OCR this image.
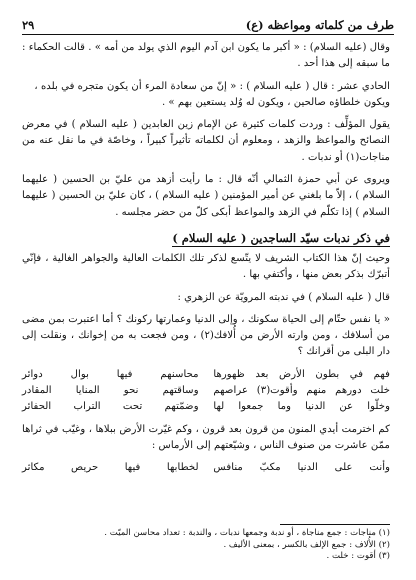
طرف من كلماته ومواعظه (ع)
٢٩

وقال (عليه السلام) : « أكبر ما يكون ابن آدم اليوم الذي يولد من أمه » . قالت الحكماء : ما سبقه إلى هذا أحد .

الحادي عشر : قال ( عليه السلام ) : « إنّ من سعادة المرء أن يكون متجره في بلده ،

ويكون خلطاؤه صالحين ، ويكون له وُلد يستعين بهم » .

يقول المؤلِّف : وردت كلمات كثيرة عن الإمام زين العابدين ( عليه السلام ) في معرض النصائح والمواعظ والزهد ، ومعلوم أن لكلماته تأثيراً كبيراً ، وخاصّة في ما نقل عنه من مناجات(١) أو ندبات .

ويروى عن أبي حمزة الثمالي أنّه قال : ما رأيت أزهد من عليّ بن الحسين ( عليهما السلام ) ، إلاّ ما بلغني عن أمير المؤمنين ( عليه السلام ) ، كان عليّ بن الحسين ( عليهما السلام ) إذا تكلّم في الزهد والمواعظ أبكى كلّ من حضر مجلسه .

في ذكر ندبات سيّد الساجدين ( عليه السلام )

وحيث إنّ هذا الكتاب الشريف لا يتّسع لذكر تلك الكلمات العالية والجواهر الغالية ، فإنّي أتبرّك بذكر بعض منها ، وأكتفي بها .

قال ( عليه السلام ) في ندبته المرويّة عن الزهري :

« يا نفس حتّام إلى الحياة سكونك ، وإلى الدنيا وعمارتها ركونك ؟ أما اعتبرت بمن مضى من أسلافك ، ومن وارته الأرض من أُلافك(٢) ، ومن فجعت به من إخوانك ، ونقلت إلى دار البلى من أقرانك ؟

فهم في بطون الأرض بعد ظهورها
محاسنهم فيها بوال دوائر
خلت دورهم منهم وأقوت(٣) عراصهم
وساقتهم نحو المنايا المقادر
وخلّوا عن الدنيا وما جمعوا لها
وضمّتهم تحت التراب الحفائر

كم اخترمت أيدي المنون من قرون بعد قرون ، وكم غيّرت الأرض ببلاها ، وغيّب في ثراها ممّن عاشرت من صنوف الناس ، وشيّعتهم إلى الأرماس :

وأنت على الدنيا مكبّ منافس
لخطابها فيها حريص مكاثر
(١) مناجات : جمع مناجاة ، أو ندبة وجمعها ندبات ، والندبة : تعداد محاسن الميّت .
(٢) الأُلاف : جمع الإلف بالكسر ، بمعنى الأليف .
(٣) أقوت : خلت .
